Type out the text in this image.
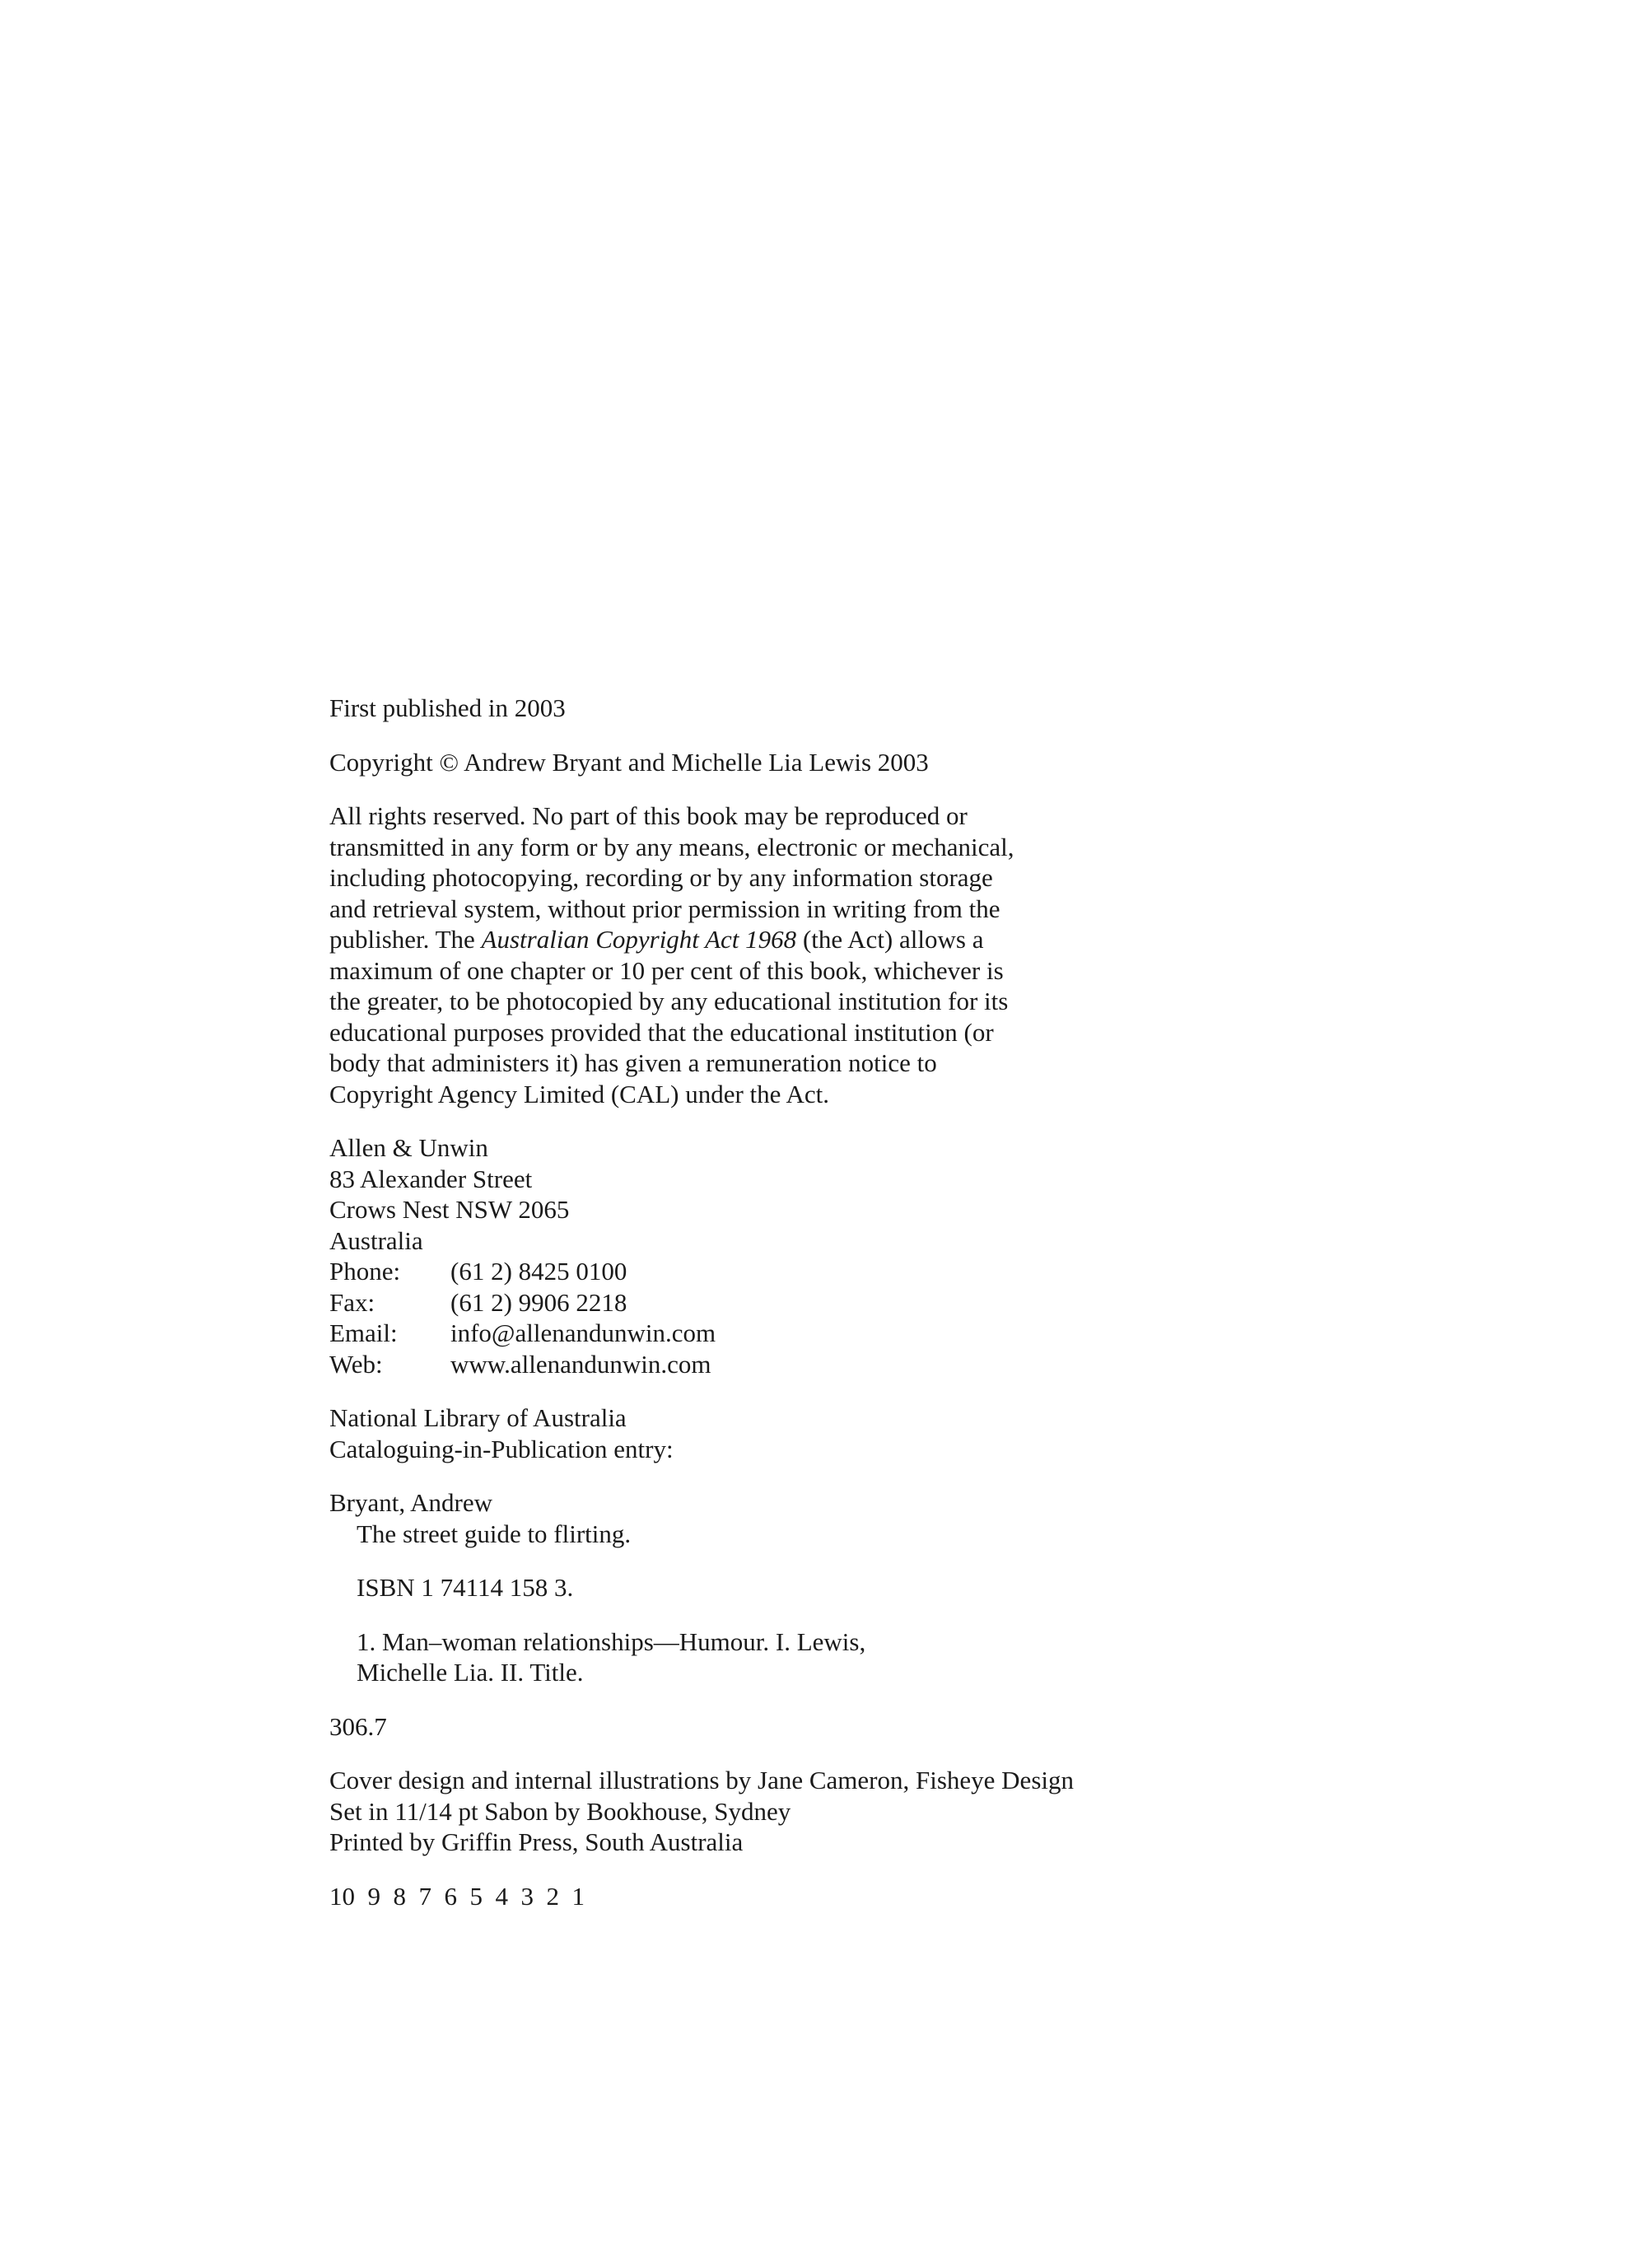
First published in 2003

Copyright © Andrew Bryant and Michelle Lia Lewis 2003

All rights reserved. No part of this book may be reproduced or
transmitted in any form or by any means, electronic or mechanical,
including photocopying, recording or by any information storage
and retrieval system, without prior permission in writing from the
publisher. The Australian Copyright Act 1968 (the Act) allows a
maximum of one chapter or 10 per cent of this book, whichever is
the greater, to be photocopied by any educational institution for its
educational purposes provided that the educational institution (or
body that administers it) has given a remuneration notice to
Copyright Agency Limited (CAL) under the Act.
Allen & Unwin
83 Alexander Street
Crows Nest NSW 2065
Australia
Phone: (61 2) 8425 0100
Fax:	(61 2) 9906 2218
Email: info@allenandunwin.com
Web:	www.allenandunwin.com
National Library of Australia
Cataloguing-in-Publication entry:
Bryant, Andrew
The street guide to flirting.

ISBN 1 74114 158 3.

1. Man–woman relationships—Humour. I. Lewis,
Michelle Lia. II. Title.

306.7

Cover design and internal illustrations by Jane Cameron, Fisheye Design
Set in 11/14 pt Sabon by Bookhouse, Sydney
Printed by Griffin Press, South Australia

10  9  8  7  6  5  4  3  2  1
